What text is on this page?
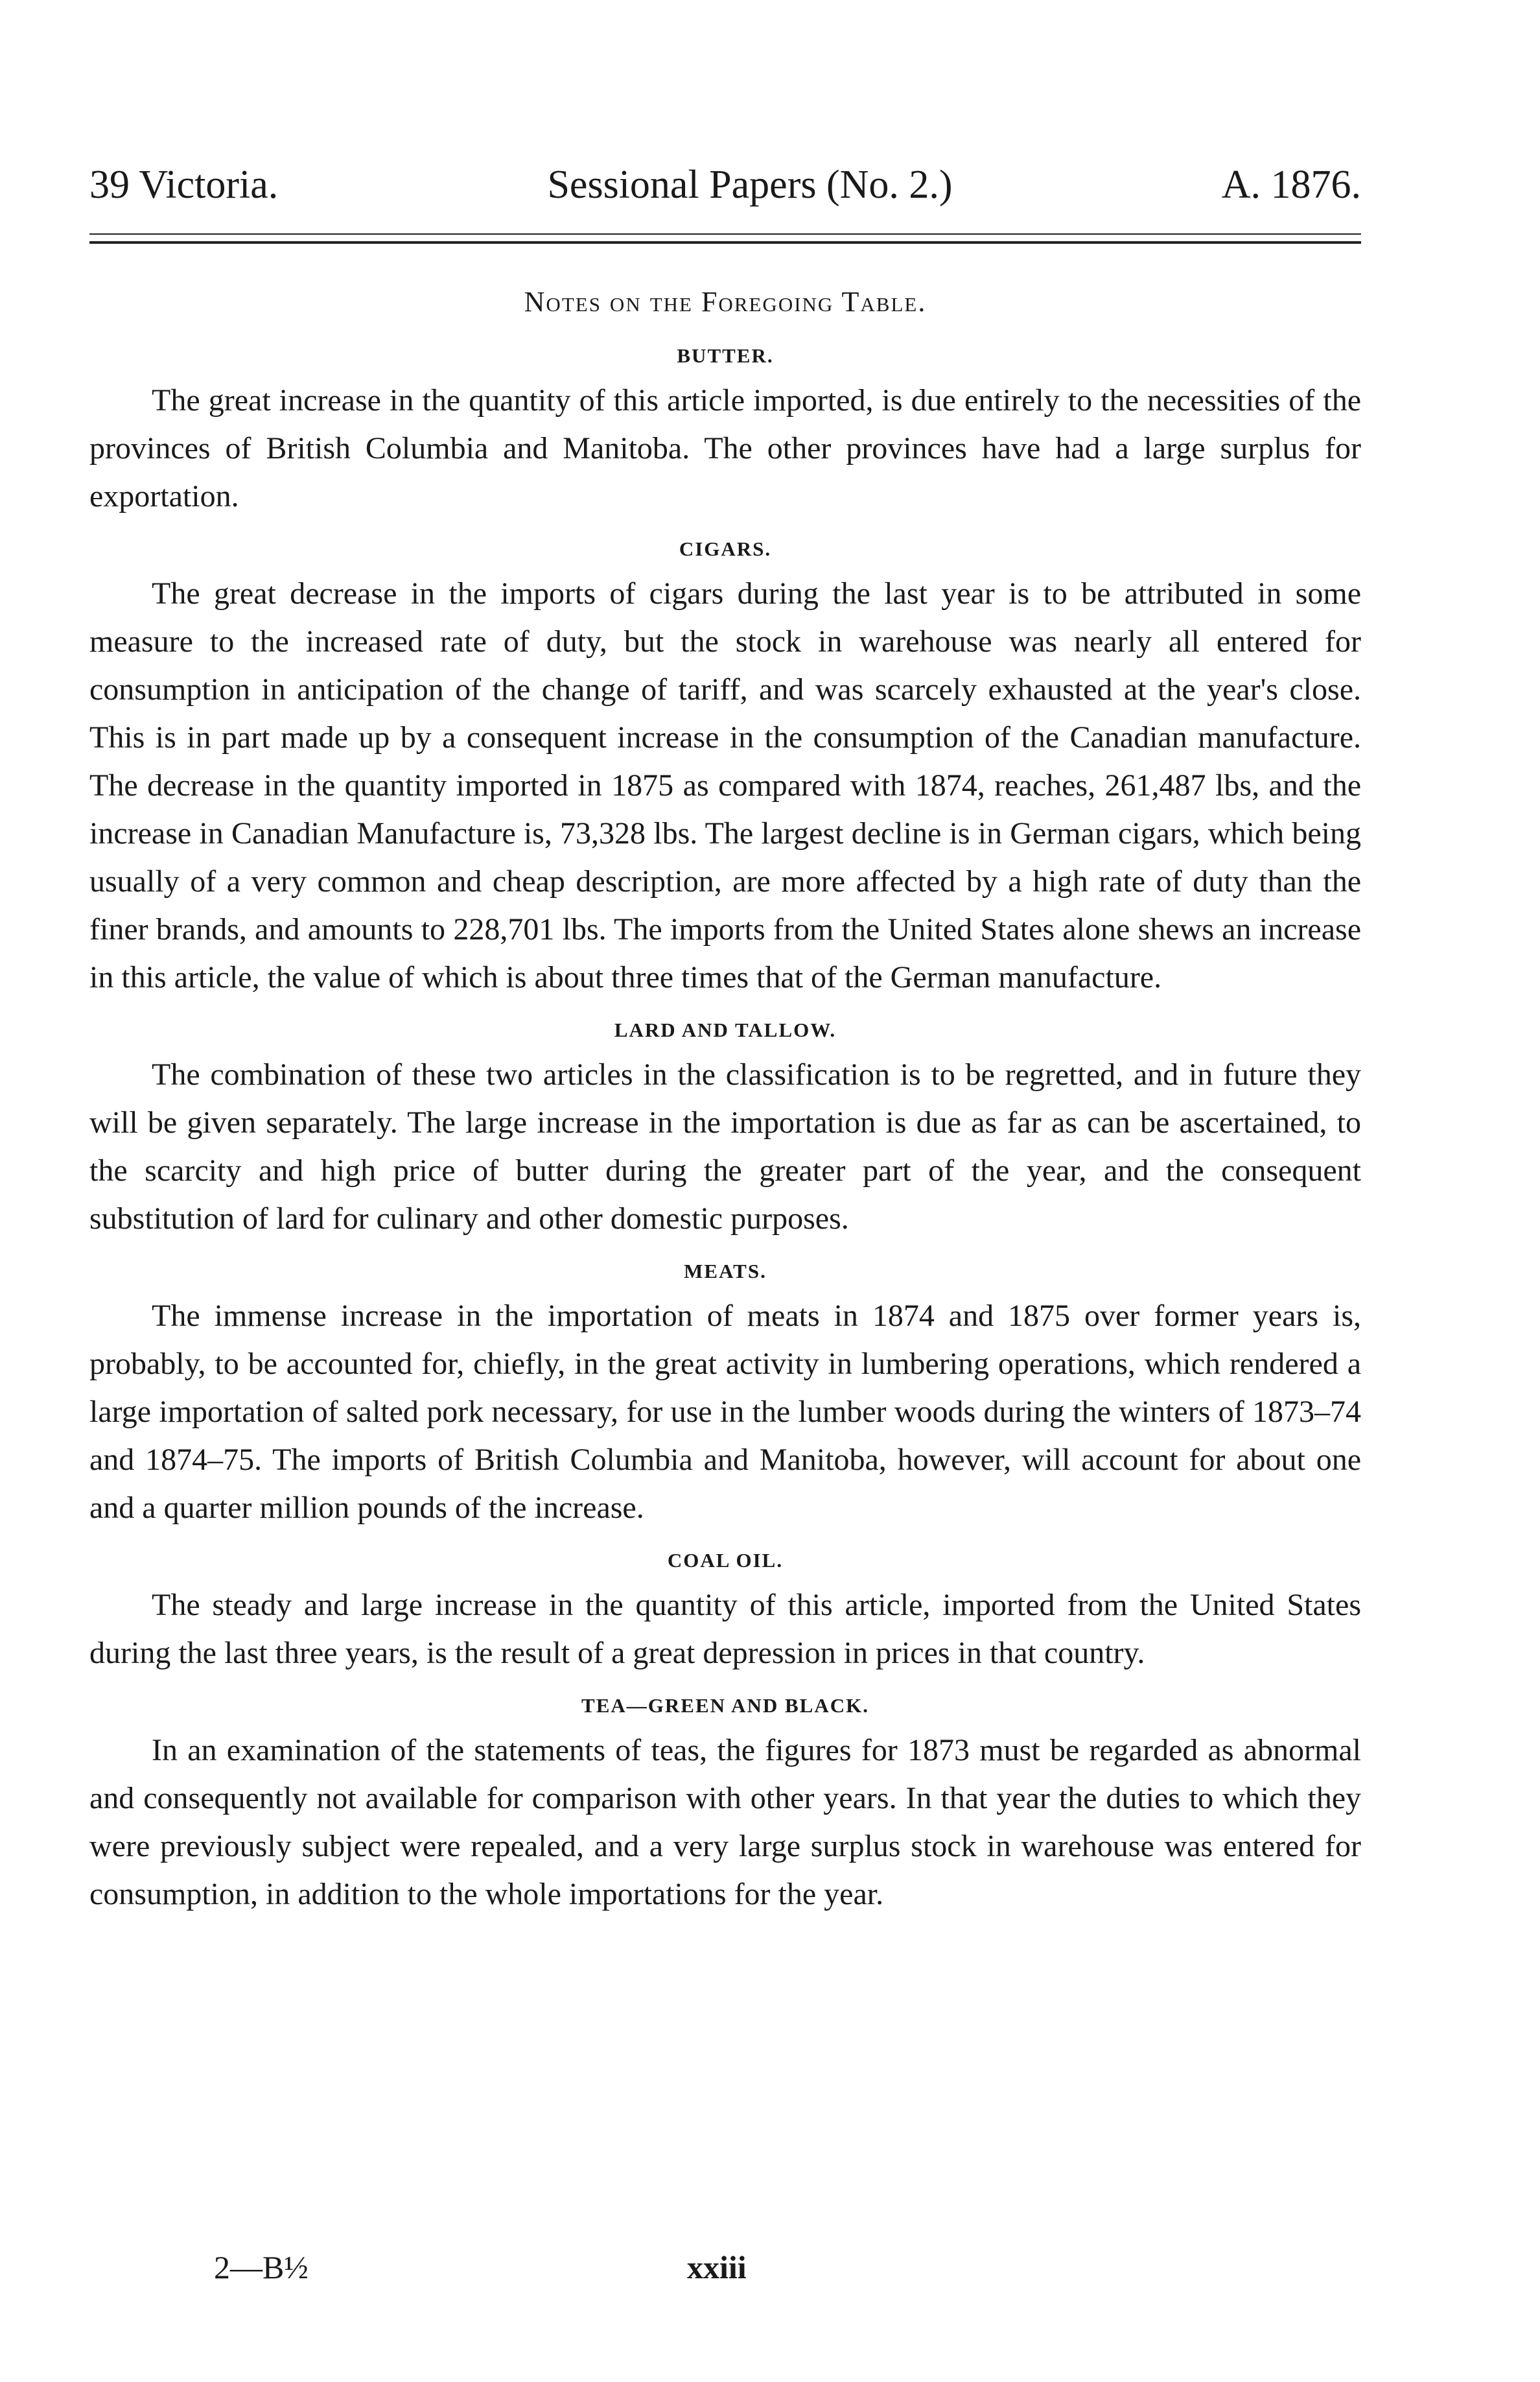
39 Victoria.	Sessional Papers (No. 2.)	A. 1876.
Notes on the Foregoing Table.
BUTTER.

The great increase in the quantity of this article imported, is due entirely to the necessities of the provinces of British Columbia and Manitoba. The other provinces have had a large surplus for exportation.

CIGARS.

The great decrease in the imports of cigars during the last year is to be attributed in some measure to the increased rate of duty, but the stock in warehouse was nearly all entered for consumption in anticipation of the change of tariff, and was scarcely exhausted at the year's close. This is in part made up by a consequent increase in the consumption of the Canadian manufacture. The decrease in the quantity imported in 1875 as compared with 1874, reaches, 261,487 lbs, and the increase in Canadian Manufacture is, 73,328 lbs. The largest decline is in German cigars, which being usually of a very common and cheap description, are more affected by a high rate of duty than the finer brands, and amounts to 228,701 lbs. The imports from the United States alone shews an increase in this article, the value of which is about three times that of the German manufacture.

LARD AND TALLOW.

The combination of these two articles in the classification is to be regretted, and in future they will be given separately. The large increase in the importation is due as far as can be ascertained, to the scarcity and high price of butter during the greater part of the year, and the consequent substitution of lard for culinary and other domestic purposes.

MEATS.

The immense increase in the importation of meats in 1874 and 1875 over former years is, probably, to be accounted for, chiefly, in the great activity in lumbering operations, which rendered a large importation of salted pork necessary, for use in the lumber woods during the winters of 1873–74 and 1874–75. The imports of British Columbia and Manitoba, however, will account for about one and a quarter million pounds of the increase.

COAL OIL.

The steady and large increase in the quantity of this article, imported from the United States during the last three years, is the result of a great depression in prices in that country.

TEA—GREEN AND BLACK.

In an examination of the statements of teas, the figures for 1873 must be regarded as abnormal and consequently not available for comparison with other years. In that year the duties to which they were previously subject were repealed, and a very large surplus stock in warehouse was entered for consumption, in addition to the whole importations for the year.

2—B½	xxiii
